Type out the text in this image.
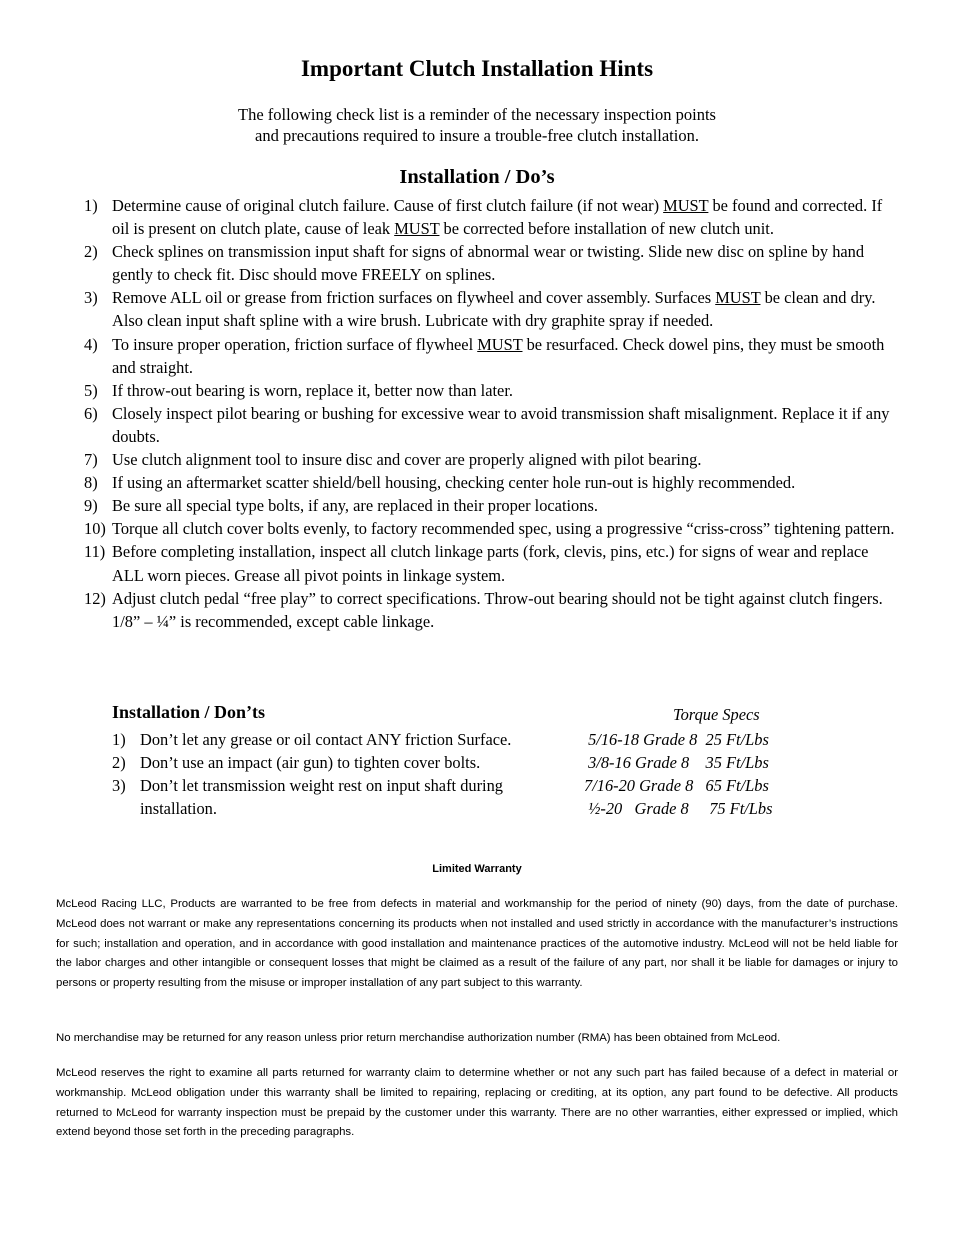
Important Clutch Installation Hints
The following check list is a reminder of the necessary inspection points
and precautions required to insure a trouble-free clutch installation.
Installation / Do’s
1) Determine cause of original clutch failure. Cause of first clutch failure (if not wear) MUST be found and corrected. If oil is present on clutch plate, cause of leak MUST be corrected before installation of new clutch unit.
2) Check splines on transmission input shaft for signs of abnormal wear or twisting. Slide new disc on spline by hand gently to check fit. Disc should move FREELY on splines.
3) Remove ALL oil or grease from friction surfaces on flywheel and cover assembly. Surfaces MUST be clean and dry. Also clean input shaft spline with a wire brush. Lubricate with dry graphite spray if needed.
4) To insure proper operation, friction surface of flywheel MUST be resurfaced. Check dowel pins, they must be smooth and straight.
5) If throw-out bearing is worn, replace it, better now than later.
6) Closely inspect pilot bearing or bushing for excessive wear to avoid transmission shaft misalignment. Replace it if any doubts.
7) Use clutch alignment tool to insure disc and cover are properly aligned with pilot bearing.
8) If using an aftermarket scatter shield/bell housing, checking center hole run-out is highly recommended.
9) Be sure all special type bolts, if any, are replaced in their proper locations.
10) Torque all clutch cover bolts evenly, to factory recommended spec, using a progressive “criss-cross” tightening pattern.
11) Before completing installation, inspect all clutch linkage parts (fork, clevis, pins, etc.) for signs of wear and replace ALL worn pieces. Grease all pivot points in linkage system.
12) Adjust clutch pedal “free play” to correct specifications. Throw-out bearing should not be tight against clutch fingers. 1/8” – ¼” is recommended, except cable linkage.
Installation / Don’ts	Torque Specs
1) Don’t let any grease or oil contact ANY friction Surface.
2) Don’t use an impact (air gun) to tighten cover bolts.
3) Don’t let transmission weight rest on input shaft during installation.
5/16-18 Grade 8  25 Ft/Lbs
3/8-16 Grade 8    35 Ft/Lbs
7/16-20 Grade 8   65 Ft/Lbs
½-20   Grade 8     75 Ft/Lbs
Limited Warranty

McLeod Racing LLC, Products are warranted to be free from defects in material and workmanship for the period of ninety (90) days, from the date of purchase. McLeod does not warrant or make any representations concerning its products when not installed and used strictly in accordance with the manufacturer’s instructions for such; installation and operation, and in accordance with good installation and maintenance practices of the automotive industry. McLeod will not be held liable for the labor charges and other intangible or consequent losses that might be claimed as a result of the failure of any part, nor shall it be liable for damages or injury to persons or property resulting from the misuse or improper installation of any part subject to this warranty.

No merchandise may be returned for any reason unless prior return merchandise authorization number (RMA) has been obtained from McLeod.

McLeod reserves the right to examine all parts returned for warranty claim to determine whether or not any such part has failed because of a defect in material or workmanship. McLeod obligation under this warranty shall be limited to repairing, replacing or crediting, at its option, any part found to be defective. All products returned to McLeod for warranty inspection must be prepaid by the customer under this warranty. There are no other warranties, either expressed or implied, which extend beyond those set forth in the preceding paragraphs.
